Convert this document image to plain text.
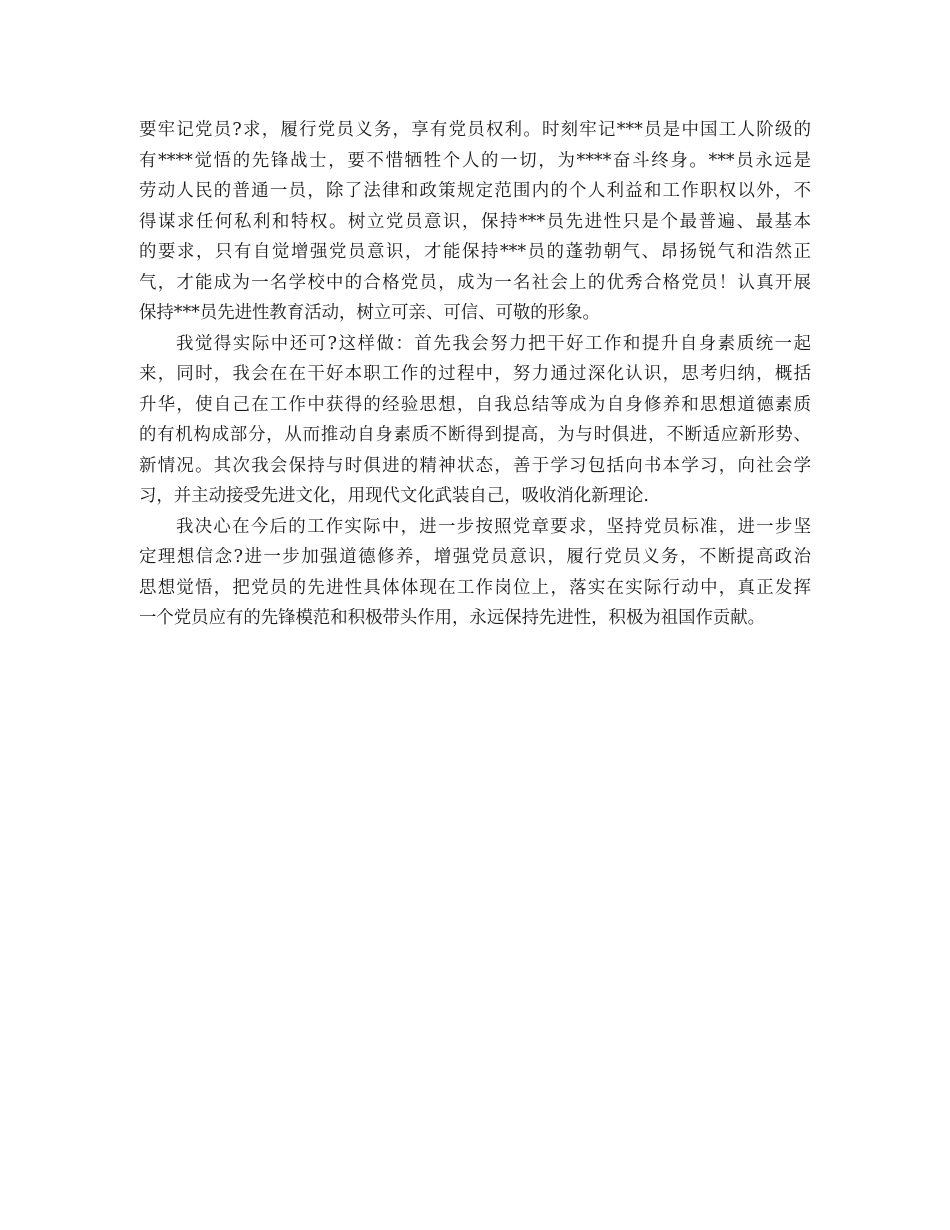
要牢记党员?求，履行党员义务，享有党员权利。时刻牢记***员是中国工人阶级的
有****觉悟的先锋战士，要不惜牺牲个人的一切，为****奋斗终身。***员永远是
劳动人民的普通一员，除了法律和政策规定范围内的个人利益和工作职权以外，不
得谋求任何私利和特权。树立党员意识，保持***员先进性只是个最普遍、最基本
的要求，只有自觉增强党员意识，才能保持***员的蓬勃朝气、昂扬锐气和浩然正
气，才能成为一名学校中的合格党员，成为一名社会上的优秀合格党员！认真开展
保持***员先进性教育活动，树立可亲、可信、可敬的形象。
我觉得实际中还可?这样做：首先我会努力把干好工作和提升自身素质统一起
来，同时，我会在在干好本职工作的过程中，努力通过深化认识，思考归纳，概括
升华，使自己在工作中获得的经验思想，自我总结等成为自身修养和思想道德素质
的有机构成部分，从而推动自身素质不断得到提高，为与时俱进，不断适应新形势、
新情况。其次我会保持与时俱进的精神状态，善于学习包括向书本学习，向社会学
习，并主动接受先进文化，用现代文化武装自己，吸收消化新理论.
我决心在今后的工作实际中，进一步按照党章要求，坚持党员标准，进一步坚
定理想信念?进一步加强道德修养，增强党员意识，履行党员义务，不断提高政治
思想觉悟，把党员的先进性具体体现在工作岗位上，落实在实际行动中，真正发挥
一个党员应有的先锋模范和积极带头作用，永远保持先进性，积极为祖国作贡献。
